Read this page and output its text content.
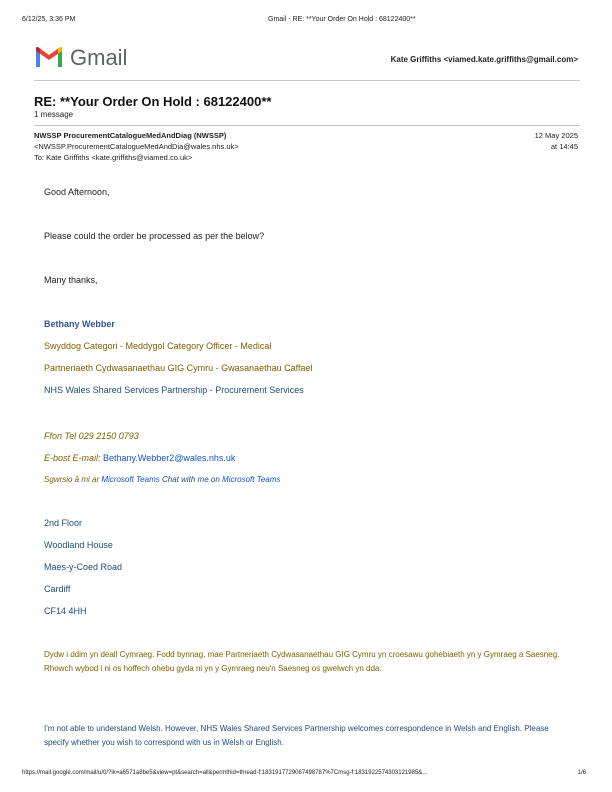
6/12/25, 3:36 PM	Gmail - RE: **Your Order On Hold : 68122400**
Gmail	Kate Griffiths <viamed.kate.griffiths@gmail.com>
RE: **Your Order On Hold : 68122400**
1 message
NWSSP ProcurementCatalogueMedAndDiag (NWSSP)
<NWSSP.ProcurementCatalogueMedAndDia@wales.nhs.uk>
To: Kate Griffiths <kate.griffiths@viamed.co.uk>
12 May 2025
at 14:45
Good Afternoon,
Please could the order be processed as per the below?
Many thanks,
Bethany Webber
Swyddog Categori - Meddygol Category Officer - Medical
Partneriaeth Cydwasanaethau GIG Cymru - Gwasanaethau Caffael
NHS Wales Shared Services Partnership - Procurement Services
Ffon Tel 029 2150 0793
E-bost E-mail: Bethany.Webber2@wales.nhs.uk
Sgwrsio â mi ar Microsoft Teams Chat with me on Microsoft Teams
2nd Floor
Woodland House
Maes-y-Coed Road
Cardiff
CF14 4HH
Dydw i ddim yn deall Cymraeg. Fodd bynnag, mae Partneriaeth Cydwasanaethau GIG Cymru yn croesawu gohebiaeth yn y Gymraeg a Saesneg. Rhowch wybod i ni os hoffech ohebu gyda ni yn y Gymraeg neu'n Saesneg os gwelwch yn dda.
I'm not able to understand Welsh. However, NHS Wales Shared Services Partnership welcomes correspondence in Welsh and English. Please specify whether you wish to correspond with us in Welsh or English.
https://mail.google.com/mail/u/0/?ik=a6571a8be5&view=pt&search=all&permthid=thread-f:1831917729067498787%7Cmsg-f:1831922574303121985&...	1/6
